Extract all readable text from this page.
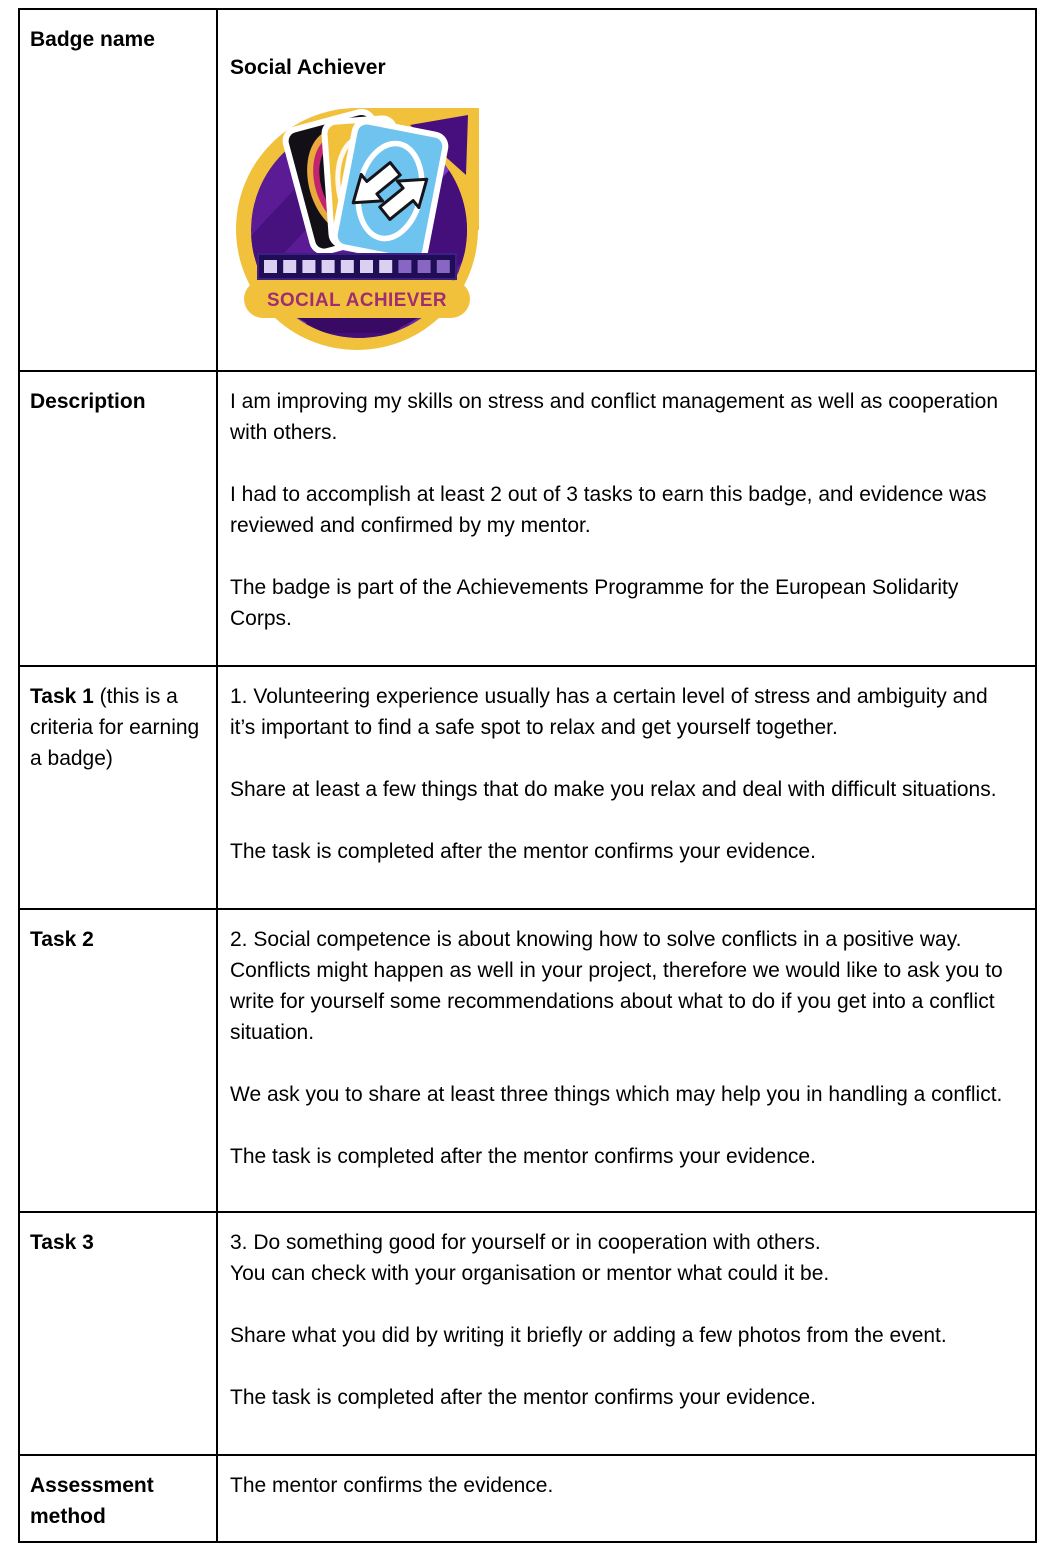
Badge name	Social Achiever
SOCIAL ACHIEVER

Description	I am improving my skills on stress and conflict management as well as cooperation with others.

I had to accomplish at least 2 out of 3 tasks to earn this badge, and evidence was reviewed and confirmed by my mentor.

The badge is part of the Achievements Programme for the European Solidarity Corps.

Task 1 (this is a criteria for earning a badge)	1. Volunteering experience usually has a certain level of stress and ambiguity and it’s important to find a safe spot to relax and get yourself together.

Share at least a few things that do make you relax and deal with difficult situations.

The task is completed after the mentor confirms your evidence.

Task 2	2. Social competence is about knowing how to solve conflicts in a positive way. Conflicts might happen as well in your project, therefore we would like to ask you to write for yourself some recommendations about what to do if you get into a conflict situation.

We ask you to share at least three things which may help you in handling a conflict.

The task is completed after the mentor confirms your evidence.

Task 3	3. Do something good for yourself or in cooperation with others.

You can check with your organisation or mentor what could it be.

Share what you did by writing it briefly or adding a few photos from the event.

The task is completed after the mentor confirms your evidence.

Assessment method	The mentor confirms the evidence.
